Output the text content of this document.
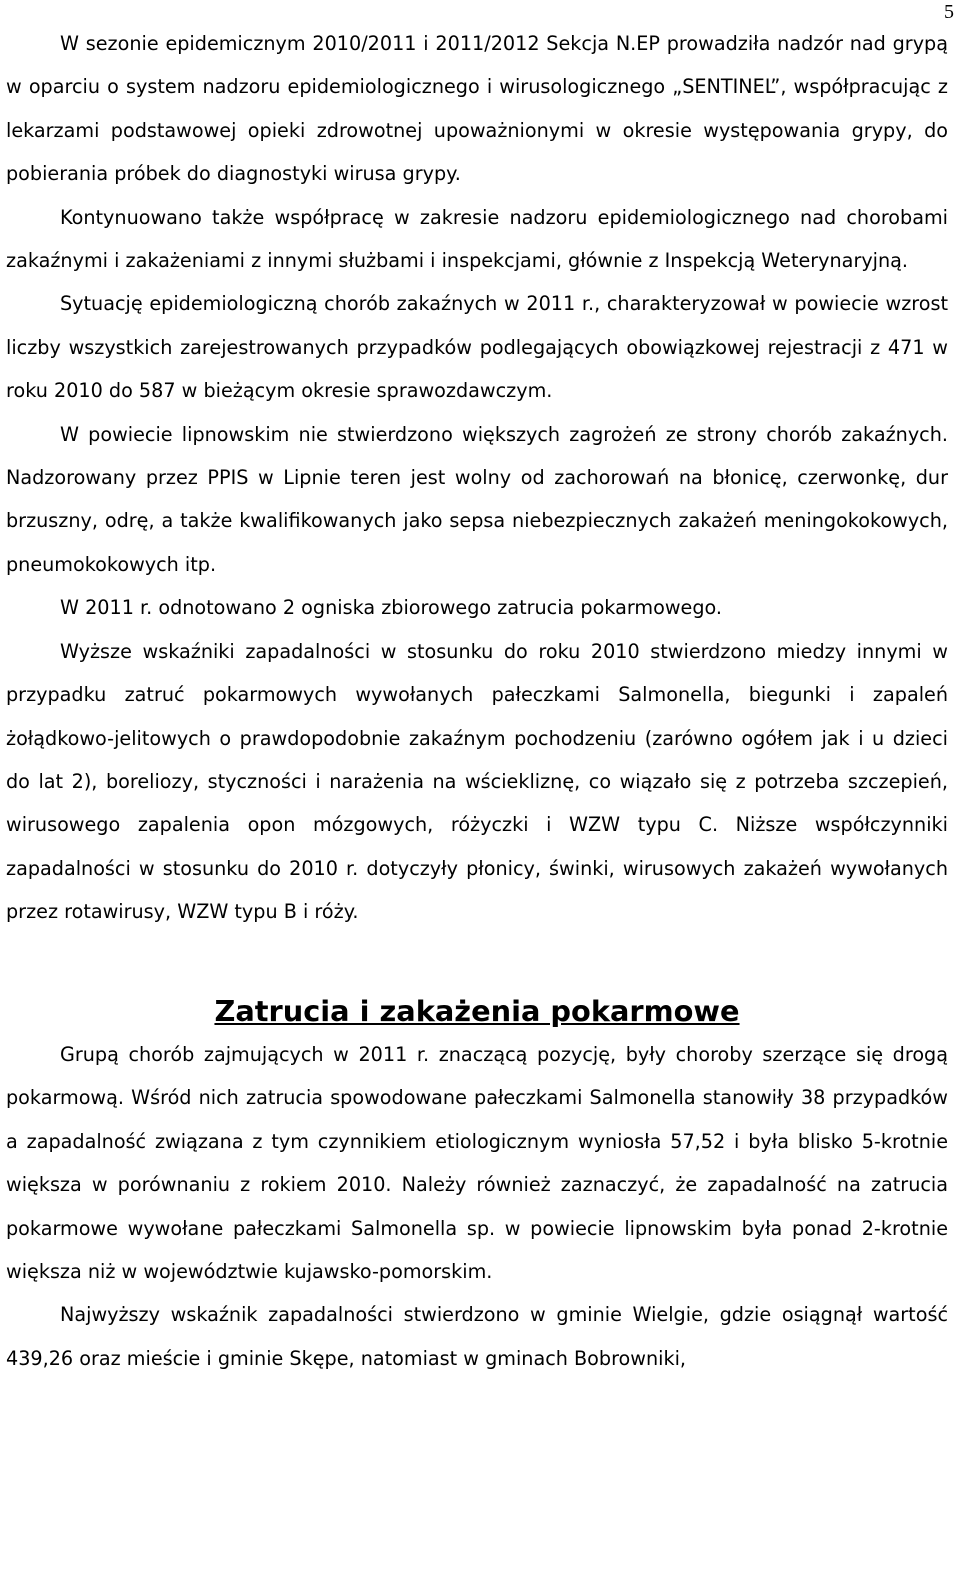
5

W sezonie epidemicznym 2010/2011 i 2011/2012 Sekcja N.EP prowadziła nadzór nad grypą w oparciu o system nadzoru epidemiologicznego i wirusologicznego „SENTINEL”, współpracując z lekarzami podstawowej opieki zdrowotnej upoważnionymi w okresie występowania grypy, do pobierania próbek do diagnostyki wirusa grypy.

Kontynuowano także współpracę w zakresie nadzoru epidemiologicznego nad chorobami zakaźnymi i zakażeniami z innymi służbami i inspekcjami, głównie z Inspekcją Weterynaryjną.

Sytuację epidemiologiczną chorób zakaźnych w 2011 r., charakteryzował w powiecie wzrost liczby wszystkich zarejestrowanych przypadków podlegających obowiązkowej rejestracji z 471 w roku 2010 do 587 w bieżącym okresie sprawozdawczym.

W powiecie lipnowskim nie stwierdzono większych zagrożeń ze strony chorób zakaźnych. Nadzorowany przez PPIS w Lipnie teren jest wolny od zachorowań na błonicę, czerwonkę, dur brzuszny, odrę, a także kwalifikowanych jako sepsa niebezpiecznych zakażeń meningokokowych, pneumokokowych itp.

W 2011 r. odnotowano 2 ogniska zbiorowego zatrucia pokarmowego.

Wyższe wskaźniki zapadalności w stosunku do roku 2010 stwierdzono miedzy innymi w przypadku zatruć pokarmowych wywołanych pałeczkami Salmonella, biegunki i zapaleń żołądkowo-jelitowych o prawdopodobnie zakaźnym pochodzeniu (zarówno ogółem jak i u dzieci do lat 2), boreliozy, styczności i narażenia na wściekliznę, co wiązało się z potrzeba szczepień, wirusowego zapalenia opon mózgowych, różyczki i WZW typu C. Niższe współczynniki zapadalności w stosunku do 2010 r. dotyczyły płonicy, świnki, wirusowych zakażeń wywołanych przez rotawirusy, WZW typu B i róży.

Zatrucia i zakażenia pokarmowe

Grupą chorób zajmujących w 2011 r. znaczącą pozycję, były choroby szerzące się drogą pokarmową. Wśród nich zatrucia spowodowane pałeczkami Salmonella stanowiły 38 przypadków a zapadalność związana z tym czynnikiem etiologicznym wyniosła 57,52 i była blisko 5-krotnie większa w porównaniu z rokiem 2010. Należy również zaznaczyć, że zapadalność na zatrucia pokarmowe wywołane pałeczkami Salmonella sp. w powiecie lipnowskim była ponad 2-krotnie większa niż w województwie kujawsko-pomorskim.

Najwyższy wskaźnik zapadalności stwierdzono w gminie Wielgie, gdzie osiągnął wartość 439,26 oraz mieście i gminie Skępe, natomiast w gminach Bobrowniki,
